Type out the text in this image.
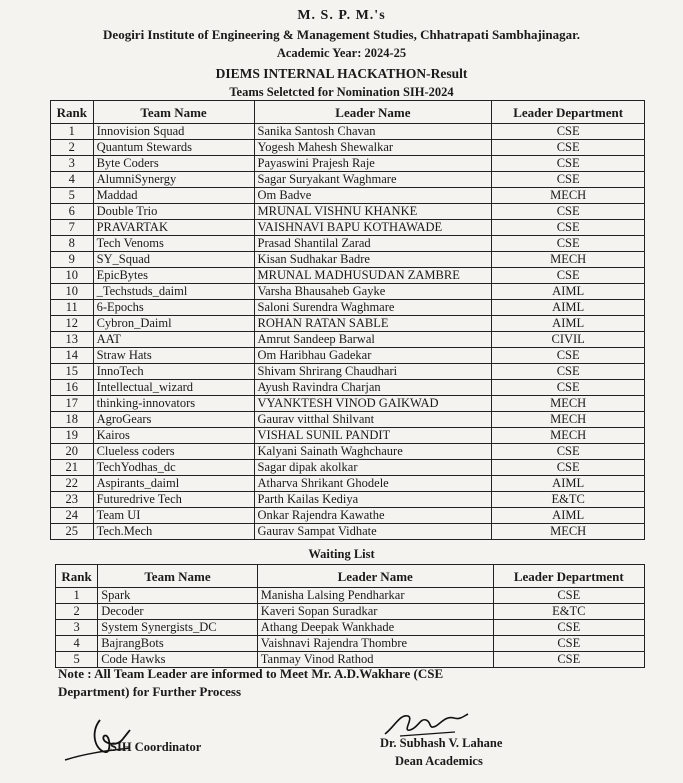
M. S. P. M.'s
Deogiri Institute of Engineering & Management Studies, Chhatrapati Sambhajinagar.
Academic Year: 2024-25
DIEMS INTERNAL HACKATHON-Result
Teams Seletcted for Nomination SIH-2024
Rank	Team Name	Leader Name	Leader Department
1	Innovision Squad	Sanika Santosh Chavan	CSE
2	Quantum Stewards	Yogesh Mahesh Shewalkar	CSE
3	Byte Coders	Payaswini Prajesh Raje	CSE
4	AlumniSynergy	Sagar Suryakant Waghmare	CSE
5	Maddad	Om Badve	MECH
6	Double Trio	MRUNAL VISHNU KHANKE	CSE
7	PRAVARTAK	VAISHNAVI BAPU KOTHAWADE	CSE
8	Tech Venoms	Prasad Shantilal Zarad	CSE
9	SY_Squad	Kisan Sudhakar Badre	MECH
10	EpicBytes	MRUNAL MADHUSUDAN ZAMBRE	CSE
10	_Techstuds_daiml	Varsha Bhausaheb Gayke	AIML
11	6-Epochs	Saloni Surendra Waghmare	AIML
12	Cybron_Daiml	ROHAN RATAN SABLE	AIML
13	AAT	Amrut Sandeep Barwal	CIVIL
14	Straw Hats	Om Haribhau Gadekar	CSE
15	InnoTech	Shivam Shrirang Chaudhari	CSE
16	Intellectual_wizard	Ayush Ravindra Charjan	CSE
17	thinking-innovators	VYANKTESH VINOD GAIKWAD	MECH
18	AgroGears	Gaurav vitthal Shilvant	MECH
19	Kairos	VISHAL SUNIL PANDIT	MECH
20	Clueless coders	Kalyani Sainath Waghchaure	CSE
21	TechYodhas_dc	Sagar dipak akolkar	CSE
22	Aspirants_daiml	Atharva Shrikant Ghodele	AIML
23	Futuredrive Tech	Parth Kailas Kediya	E&TC
24	Team UI	Onkar Rajendra Kawathe	AIML
25	Tech.Mech	Gaurav Sampat Vidhate	MECH
Waiting List
Rank	Team Name	Leader Name	Leader Department
1	Spark	Manisha Lalsing Pendharkar	CSE
2	Decoder	Kaveri Sopan Suradkar	E&TC
3	System Synergists_DC	Athang Deepak Wankhade	CSE
4	BajrangBots	Vaishnavi Rajendra Thombre	CSE
5	Code Hawks	Tanmay Vinod Rathod	CSE
Note : All Team Leader are informed to Meet Mr. A.D.Wakhare (CSE Department) for Further Process
SIH Coordinator	Dr. Subhash V. Lahane
Dean Academics
